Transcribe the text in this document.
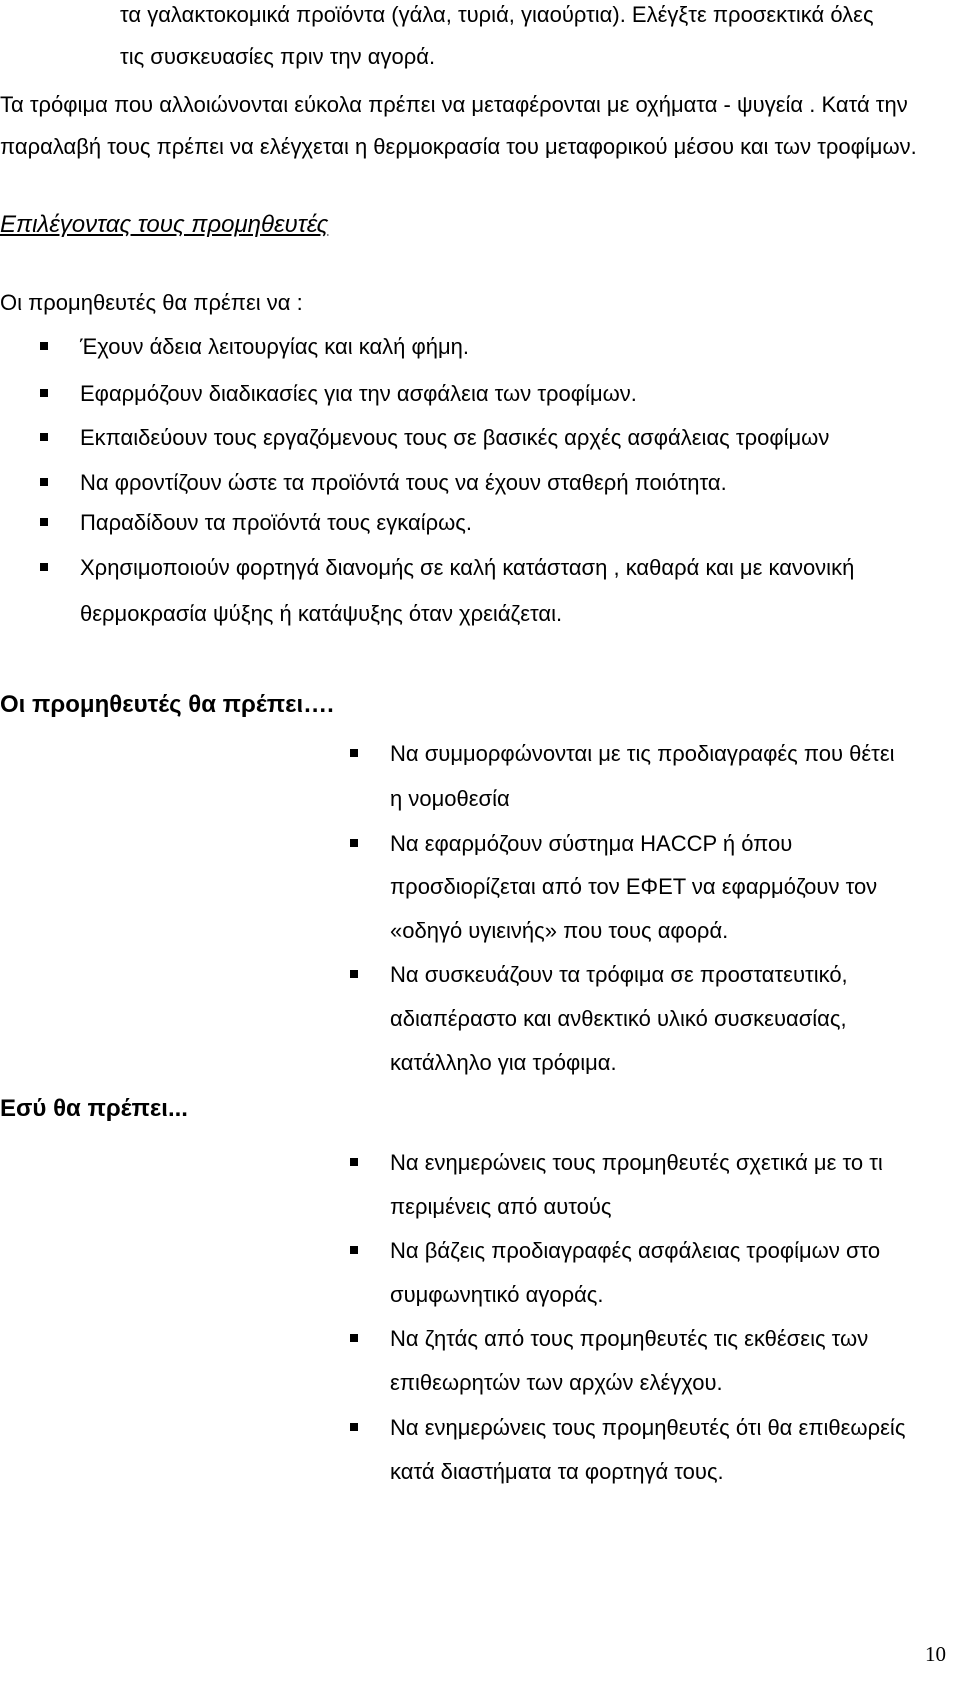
τα γαλακτοκομικά προϊόντα (γάλα, τυριά, γιαούρτια). Ελέγξτε προσεκτικά όλες
τις συσκευασίες πριν την αγορά.
Τα τρόφιμα που αλλοιώνονται εύκολα πρέπει να μεταφέρονται με οχήματα - ψυγεία . Κατά την
παραλαβή τους πρέπει να ελέγχεται η θερμοκρασία του μεταφορικού μέσου και των τροφίμων.
Επιλέγοντας τους προμηθευτές
Οι προμηθευτές θα πρέπει να :
Έχουν άδεια λειτουργίας και καλή φήμη.
Εφαρμόζουν διαδικασίες για την ασφάλεια των τροφίμων.
Εκπαιδεύουν τους εργαζόμενους τους σε βασικές αρχές ασφάλειας τροφίμων
Να φροντίζουν ώστε τα προϊόντά τους να έχουν σταθερή ποιότητα.
Παραδίδουν τα προϊόντά τους εγκαίρως.
Χρησιμοποιούν φορτηγά διανομής σε καλή κατάσταση , καθαρά και με κανονική
θερμοκρασία ψύξης ή κατάψυξης όταν χρειάζεται.
Οι προμηθευτές θα πρέπει….
Να συμμορφώνονται με τις προδιαγραφές που θέτει
η νομοθεσία
Να εφαρμόζουν σύστημα HACCP ή όπου
προσδιορίζεται από τον ΕΦΕΤ να εφαρμόζουν τον
«οδηγό υγιεινής» που τους αφορά.
Να συσκευάζουν τα τρόφιμα σε προστατευτικό,
αδιαπέραστο και ανθεκτικό υλικό συσκευασίας,
κατάλληλο για τρόφιμα.
Εσύ θα πρέπει...
Να ενημερώνεις τους προμηθευτές σχετικά με το τι
περιμένεις από αυτούς
Να βάζεις προδιαγραφές ασφάλειας τροφίμων στο
συμφωνητικό αγοράς.
Να ζητάς από τους προμηθευτές τις εκθέσεις των
επιθεωρητών των αρχών ελέγχου.
Να ενημερώνεις τους προμηθευτές ότι θα επιθεωρείς
κατά διαστήματα τα φορτηγά τους.
10
